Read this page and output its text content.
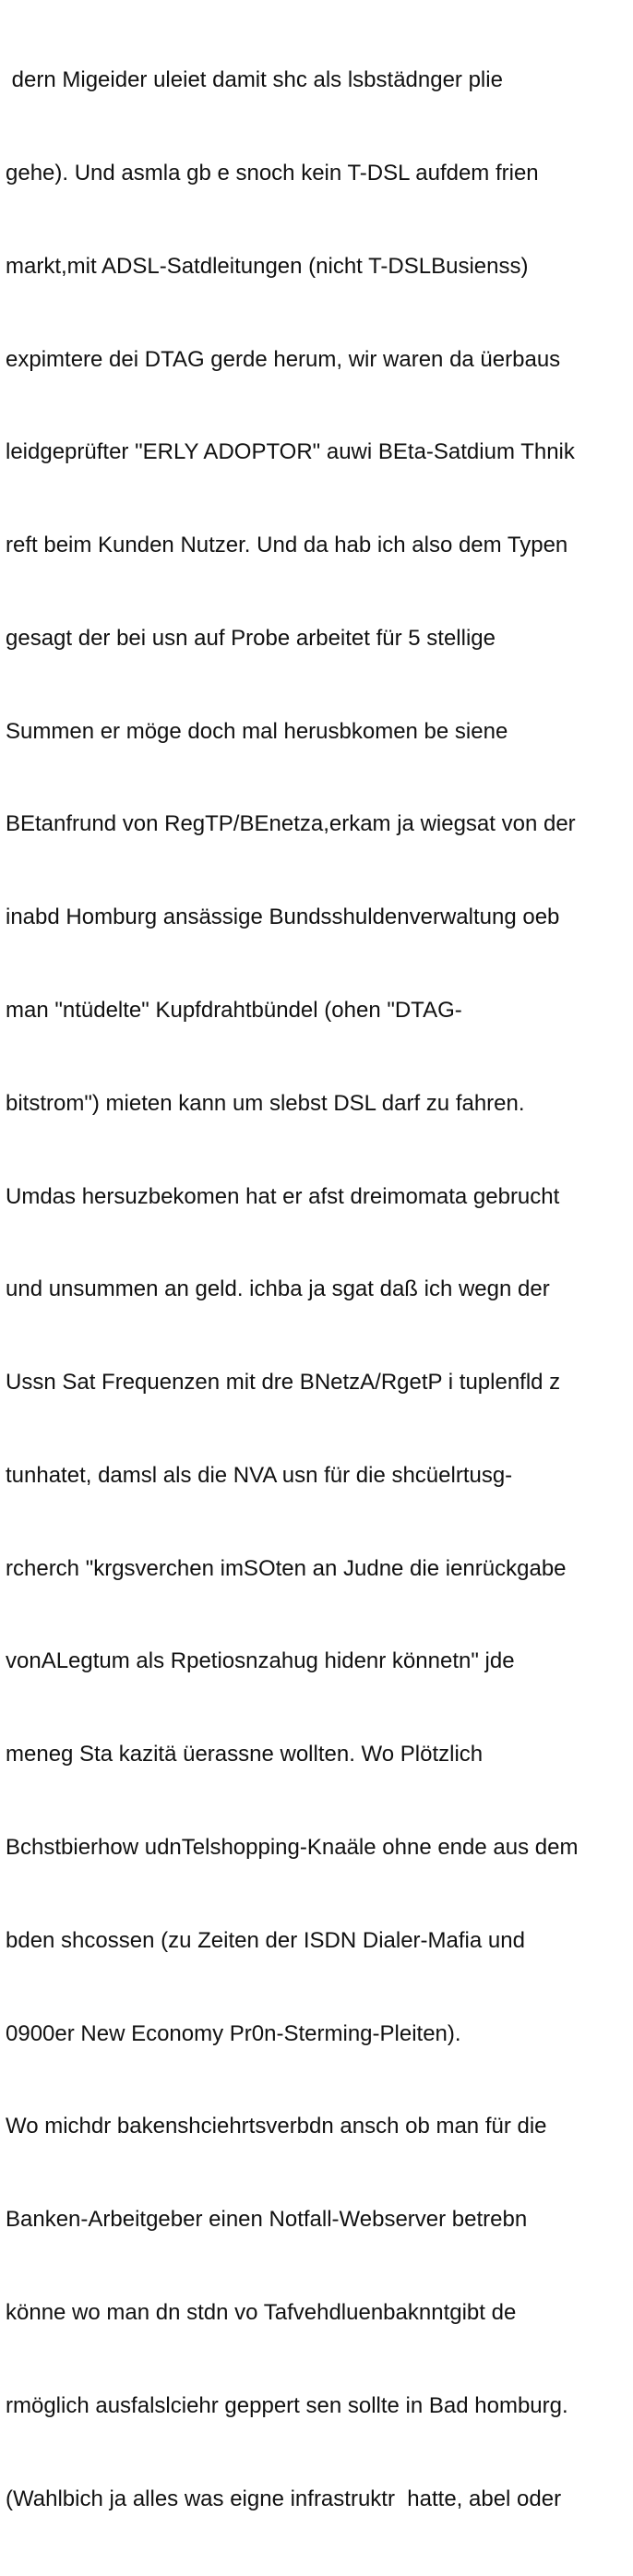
dern Migeider uleiet damit shc als lsbstädnger plie

gehe). Und asmla gb e snoch kein T-DSL aufdem frien

markt,mit ADSL-Satdleitungen (nicht T-DSLBusienss)

expimtere dei DTAG gerde herum, wir waren da üerbaus

leidgeprüfter "ERLY ADOPTOR" auwi BEta-Satdium Thnik

reft beim Kunden Nutzer. Und da hab ich also dem Typen

gesagt der bei usn auf Probe arbeitet für 5 stellige

Summen er möge doch mal herusbkomen be siene

BEtanfrund von RegTP/BEnetza,erkam ja wiegsat von der

inabd Homburg ansässige Bundsshuldenverwaltung oeb

man "ntüdelte" Kupfdrahtbündel (ohen "DTAG-

bitstrom") mieten kann um slebst DSL darf zu fahren.

Umdas hersuzbekomen hat er afst dreimomata gebrucht

und unsummen an geld. ichba ja sgat daß ich wegn der

Ussn Sat Frequenzen mit dre BNetzA/RgetP i tuplenfld z

tunhatet, damsl als die NVA usn für die shcüelrtusg-

rcherch "krgsverchen imSOten an Judne die ienrückgabe

vonALegtum als Rpetiosnzahug hidenr könnetn" jde

meneg Sta kazitä üerassne wollten. Wo Plötzlich

Bchstbierhow udnTelshopping-Knaäle ohne ende aus dem

bden shcossen (zu Zeiten der ISDN Dialer-Mafia und

0900er New Economy Pr0n-Sterming-Pleiten).

Wo michdr bakenshciehrtsverbdn ansch ob man für die

Banken-Arbeitgeber einen Notfall-Webserver betrebn

könne wo man dn stdn vo Tafvehdluenbaknntgibt de

rmöglich ausfalslciehr geppert sen sollte in Bad homburg.

(Wahlbich ja alles was eigne infrastruktr  hatte, abel oder
